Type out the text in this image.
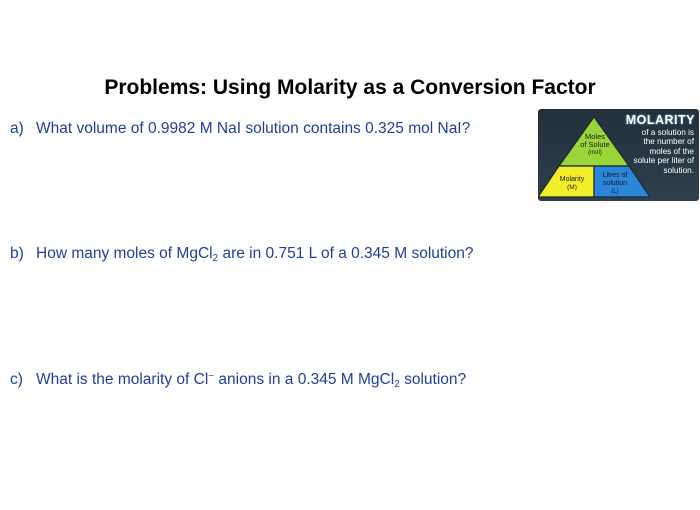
Problems: Using Molarity as a Conversion Factor
a) What volume of 0.9982 M NaI solution contains 0.325 mol NaI?
b) How many moles of MgCl$_2$ are in 0.751 L of a 0.345 M solution?
c) What is the molarity of Cl− anions in a 0.345 M MgCl$_2$ solution?
Moles
of Solute
(mol)
Molarity
(M)
Litres of
solution
(L)
MOLARITY
of a solution is the number of moles of the solute per liter of solution.
